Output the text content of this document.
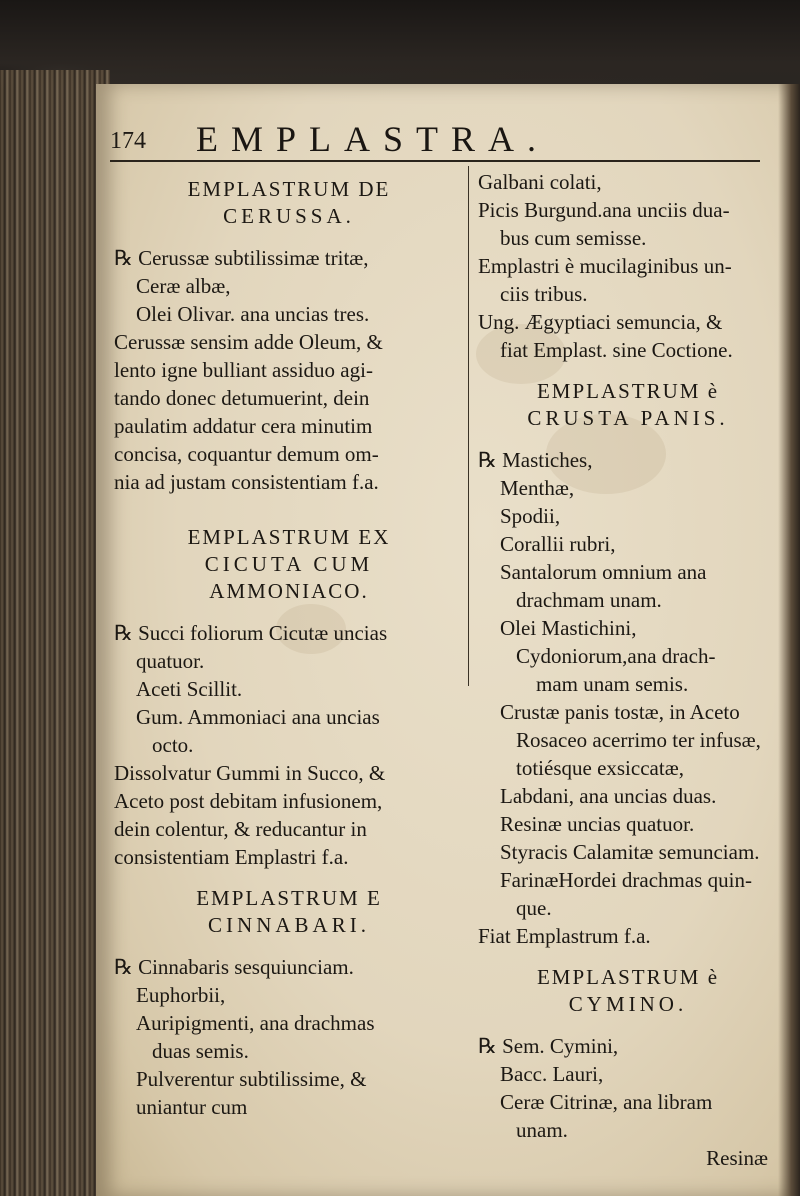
174 EMPLASTRA.
EMPLASTRUM DE
CERUSSA.

℞ Cerussæ subtilissimæ tritæ,

Ceræ albæ,

Olei Olivar. ana uncias tres.

Cerussæ sensim adde Oleum, &

lento igne bulliant assiduo agi-

tando donec detumuerint, dein

paulatim addatur cera minutim

concisa, coquantur demum om-

nia ad justam consistentiam f.a.

EMPLASTRUM EX
CICUTA CUM
AMMONIACO.

℞ Succi foliorum Cicutæ uncias

quatuor.

Aceti Scillit.

Gum. Ammoniaci ana uncias

octo.

Dissolvatur Gummi in Succo, &

Aceto post debitam infusionem,

dein colentur, & reducantur in

consistentiam Emplastri f.a.

EMPLASTRUM E
CINNABARI.

℞ Cinnabaris sesquiunciam.

Euphorbii,

Auripigmenti, ana drachmas

duas semis.

Pulverentur subtilissime, &

uniantur cum

Galbani colati,

Picis Burgund.ana unciis dua-

bus cum semisse.

Emplastri è mucilaginibus un-

ciis tribus.

Ung. Ægyptiaci semuncia, &

fiat Emplast. sine Coctione.

EMPLASTRUM è
CRUSTA PANIS.

℞ Mastiches,

Menthæ,

Spodii,

Corallii rubri,

Santalorum omnium ana

drachmam unam.

Olei Mastichini,

Cydoniorum,ana drach-

mam unam semis.

Crustæ panis tostæ, in Aceto

Rosaceo acerrimo ter infusæ,

totiésque exsiccatæ,

Labdani, ana uncias duas.

Resinæ uncias quatuor.

Styracis Calamitæ semunciam.

FarinæHordei drachmas quin-

que.

Fiat Emplastrum f.a.

EMPLASTRUM è
CYMINO.

℞ Sem. Cymini,

Bacc. Lauri,

Ceræ Citrinæ, ana libram

unam.

Resinæ
